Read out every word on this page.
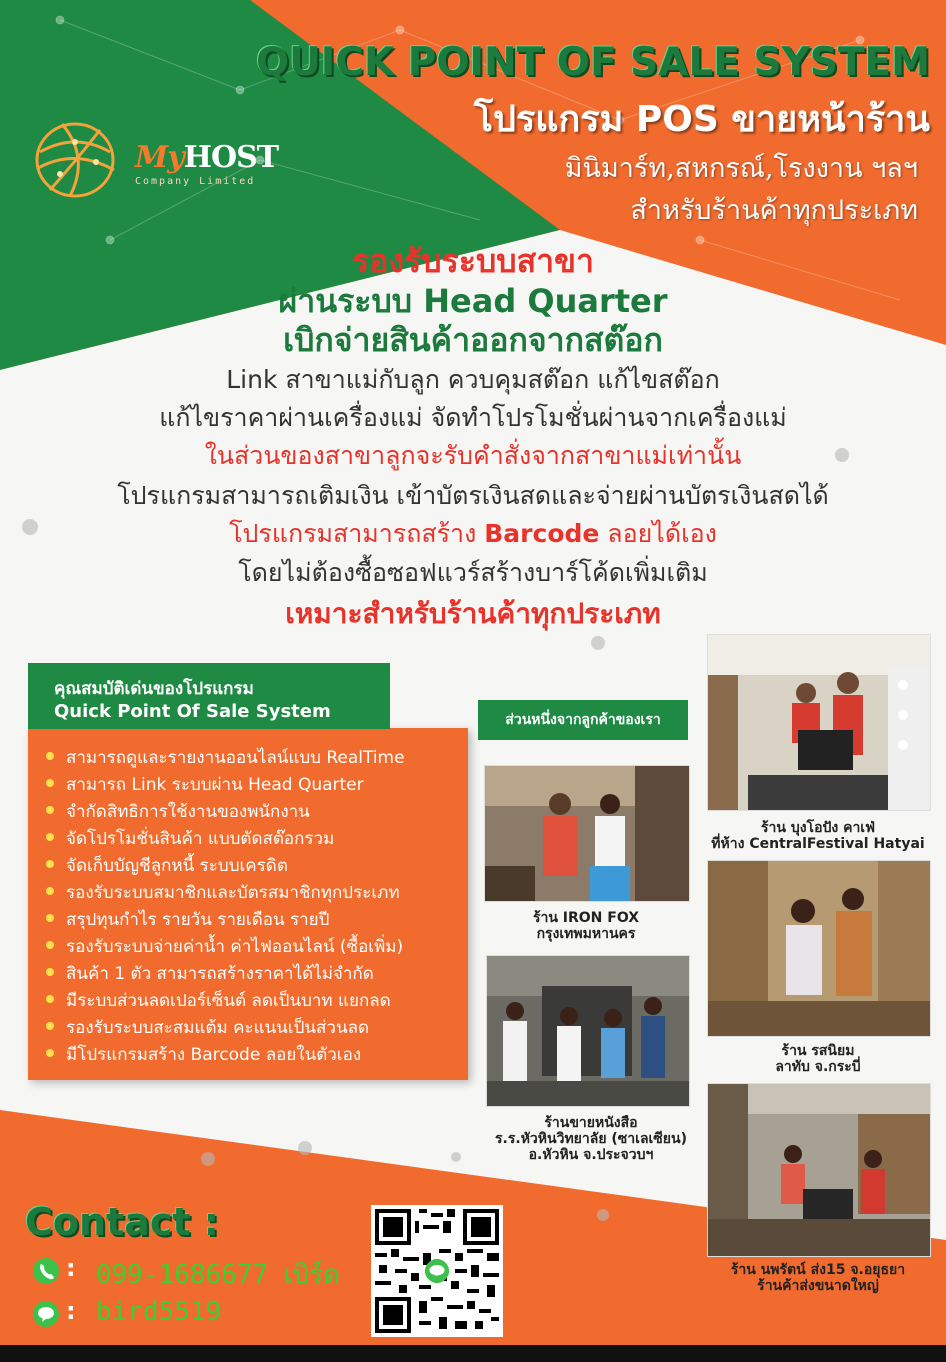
MyHOST
Company Limited
QUICK POINT OF SALE SYSTEM
โปรแกรม POS ขายหน้าร้าน
มินิมาร์ท,สหกรณ์,โรงงาน ฯลฯ
สำหรับร้านค้าทุกประเภท
รองรับระบบสาขา
ผ่านระบบ Head Quarter
เบิกจ่ายสินค้าออกจากสต๊อก
Link สาขาแม่กับลูก ควบคุมสต๊อก แก้ไขสต๊อก
แก้ไขราคาผ่านเครื่องแม่ จัดทำโปรโมชั่นผ่านจากเครื่องแม่
ในส่วนของสาขาลูกจะรับคำสั่งจากสาขาแม่เท่านั้น
โปรแกรมสามารถเติมเงิน เข้าบัตรเงินสดและจ่ายผ่านบัตรเงินสดได้
โปรแกรมสามารถสร้าง Barcode ลอยได้เอง
โดยไม่ต้องซื้อซอฟแวร์สร้างบาร์โค้ดเพิ่มเติม
เหมาะสำหรับร้านค้าทุกประเภท
คุณสมบัติเด่นของโปรแกรม
Quick Point Of Sale System
สามารถดูและรายงานออนไลน์แบบ RealTime
สามารถ Link ระบบผ่าน Head Quarter
จำกัดสิทธิการใช้งานของพนักงาน
จัดโปรโมชั่นสินค้า แบบตัดสต๊อกรวม
จัดเก็บบัญชีลูกหนี้ ระบบเครดิต
รองรับระบบสมาชิกและบัตรสมาชิกทุกประเภท
สรุปทุนกำไร รายวัน รายเดือน รายปี
รองรับระบบจ่ายค่าน้ำ ค่าไฟออนไลน์ (ซื้อเพิ่ม)
สินค้า 1 ตัว สามารถสร้างราคาได้ไม่จำกัด
มีระบบส่วนลดเปอร์เซ็นต์ ลดเป็นบาท แยกลด
รองรับระบบสะสมแต้ม คะแนนเป็นส่วนลด
มีโปรแกรมสร้าง Barcode ลอยในตัวเอง
ส่วนหนึ่งจากลูกค้าของเรา
ร้าน บุงโอปัง คาเฟ่
ที่ห้าง CentralFestival Hatyai
ร้าน IRON FOX
กรุงเทพมหานคร
ร้าน รสนิยม
ลาทับ จ.กระบี่
ร้านขายหนังสือ
ร.ร.หัวหินวิทยาลัย (ซาเลเซียน)
อ.หัวหิน จ.ประจวบฯ
ร้าน นพรัตน์ ส่ง15 จ.อยุธยา
ร้านค้าส่งขนาดใหญ่
Contact :
: 099-1686677 เบิร์ด
: bird5519
